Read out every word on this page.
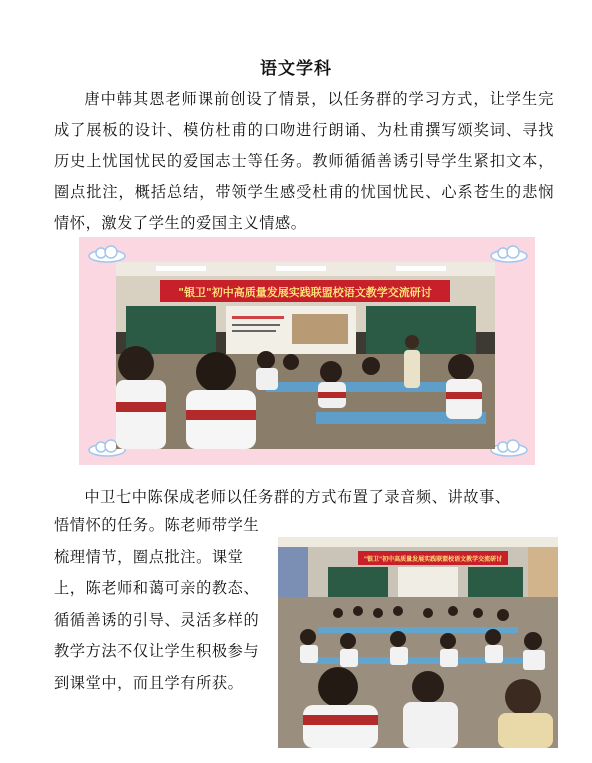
语文学科

唐中韩其恩老师课前创设了情景，以任务群的学习方式，让学生完成了展板的设计、模仿杜甫的口吻进行朗诵、为杜甫撰写颂奖词、寻找历史上忧国忧民的爱国志士等任务。教师循循善诱引导学生紧扣文本，圈点批注，概括总结，带领学生感受杜甫的忧国忧民、心系苍生的悲悯情怀，激发了学生的爱国主义情感。

"银卫"初中高质量发展实践联盟校语文教学交流研讨

中卫七中陈保成老师以任务群的方式布置了录音频、讲故事、

悟情怀的任务。陈老师带学生梳理情节，圈点批注。课堂上，陈老师和蔼可亲的教态、循循善诱的引导、灵活多样的教学方法不仅让学生积极参与到课堂中，而且学有所获。

"银卫"初中高质量发展实践联盟校语文教学交流研讨
